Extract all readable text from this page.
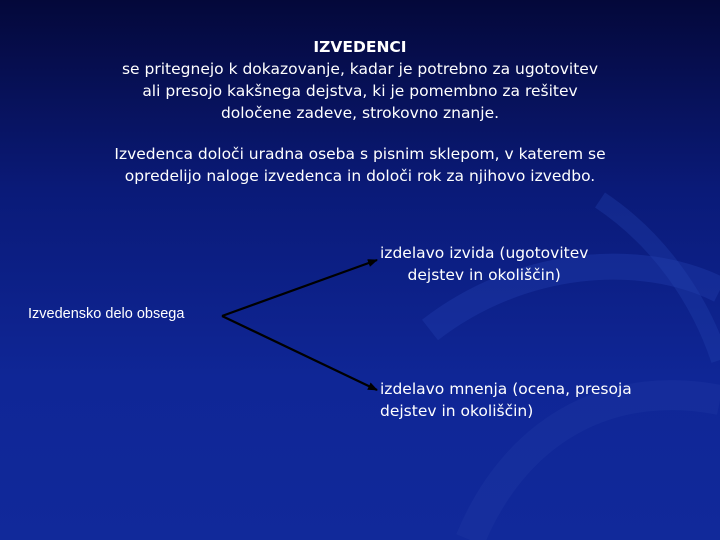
IZVEDENCI
se pritegnejo k dokazovanje, kadar je potrebno za ugotovitev
ali presojo kakšnega dejstva, ki je pomembno za rešitev
določene zadeve, strokovno znanje.
Izvedenca določi uradna oseba s pisnim sklepom, v katerem se
opredelijo naloge izvedenca in določi rok za njihovo izvedbo.
Izvedensko delo obsega
izdelavo izvida (ugotovitev
dejstev in okoliščin)
izdelavo mnenja (ocena, presoja
dejstev in okoliščin)
